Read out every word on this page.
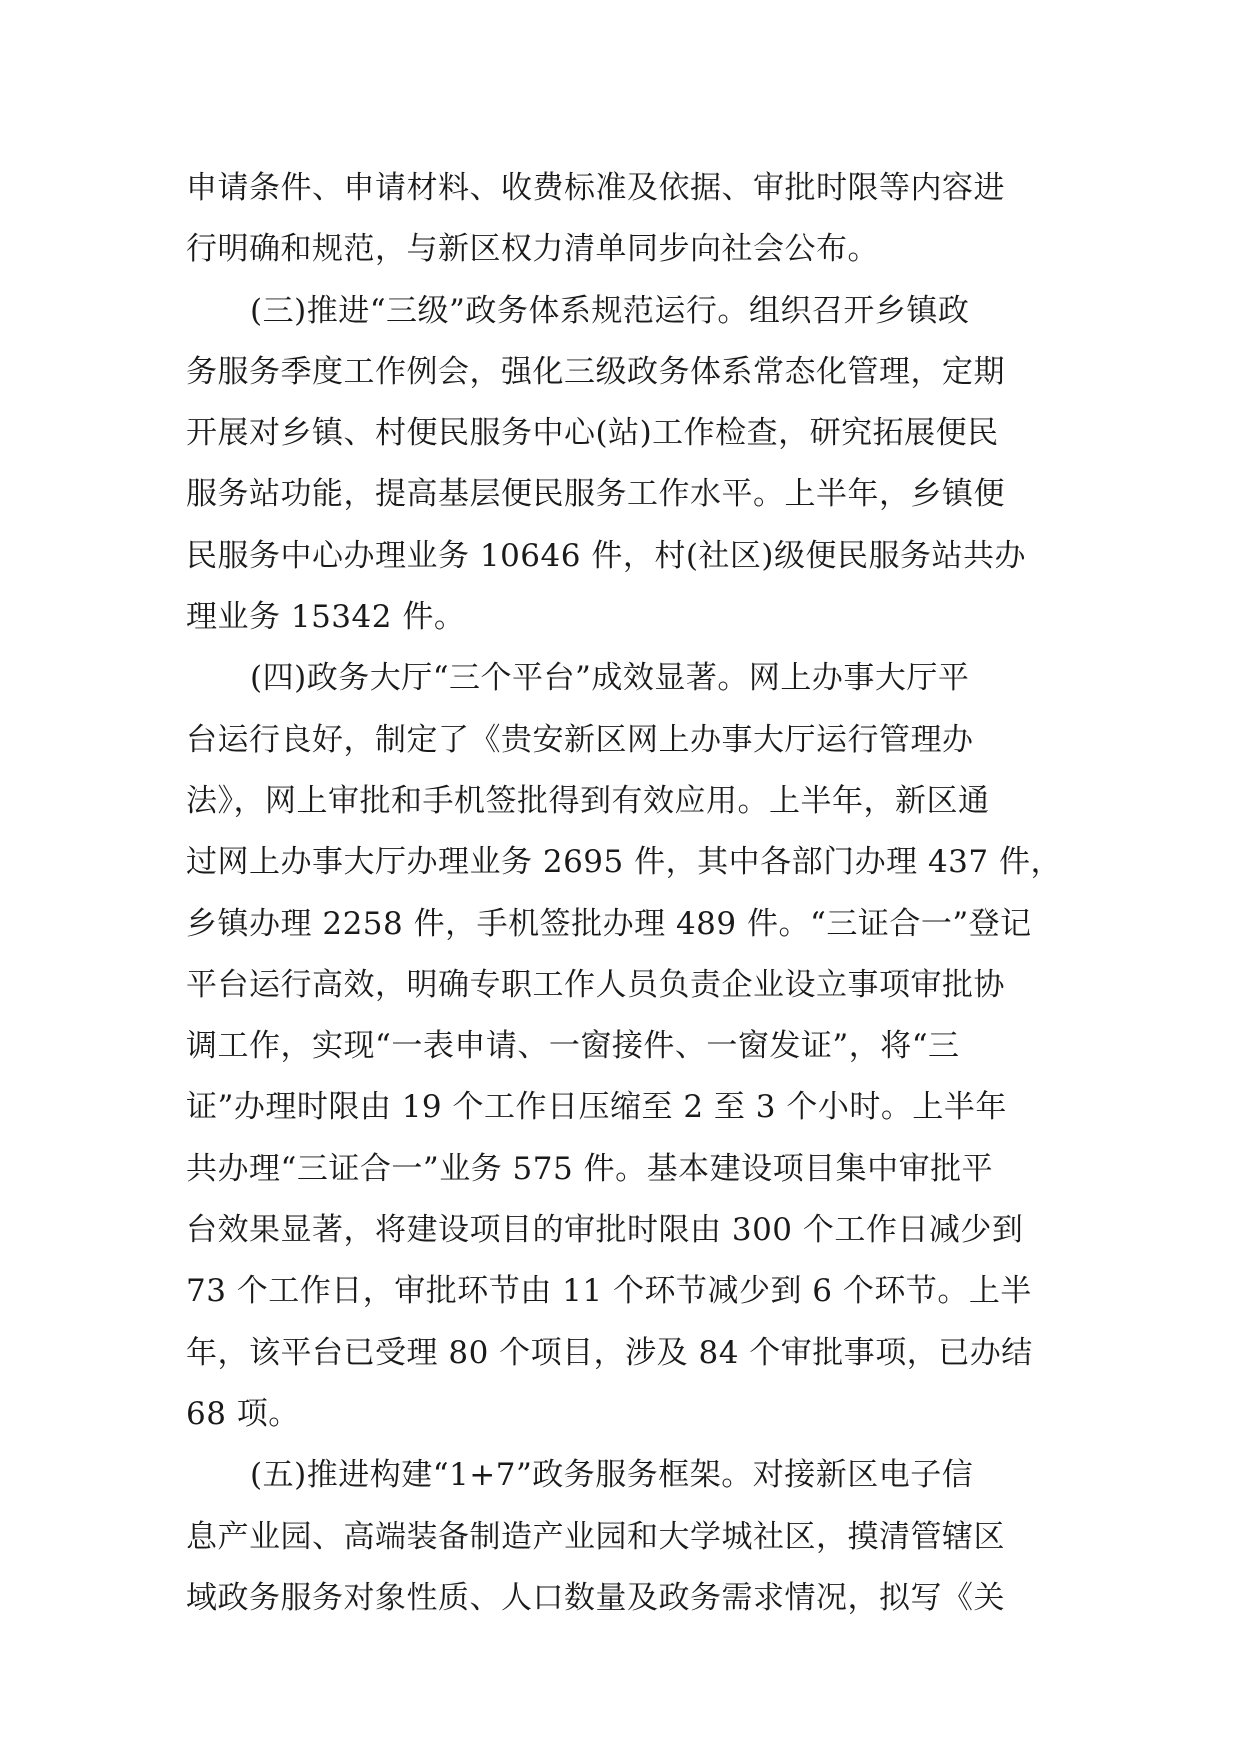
申请条件、申请材料、收费标准及依据、审批时限等内容进
行明确和规范，与新区权力清单同步向社会公布。
(三)推进“三级”政务体系规范运行。组织召开乡镇政
务服务季度工作例会，强化三级政务体系常态化管理，定期
开展对乡镇、村便民服务中心(站)工作检查，研究拓展便民
服务站功能，提高基层便民服务工作水平。上半年，乡镇便
民服务中心办理业务 10646 件，村(社区)级便民服务站共办
理业务 15342 件。
(四)政务大厅“三个平台”成效显著。网上办事大厅平
台运行良好，制定了《贵安新区网上办事大厅运行管理办
法》，网上审批和手机签批得到有效应用。上半年，新区通
过网上办事大厅办理业务 2695 件，其中各部门办理 437 件，
乡镇办理 2258 件，手机签批办理 489 件。“三证合一”登记
平台运行高效，明确专职工作人员负责企业设立事项审批协
调工作，实现“一表申请、一窗接件、一窗发证”，将“三
证”办理时限由 19 个工作日压缩至 2 至 3 个小时。上半年
共办理“三证合一”业务 575 件。基本建设项目集中审批平
台效果显著，将建设项目的审批时限由 300 个工作日减少到
73 个工作日，审批环节由 11 个环节减少到 6 个环节。上半
年，该平台已受理 80 个项目，涉及 84 个审批事项，已办结
68 项。
(五)推进构建“1+7”政务服务框架。对接新区电子信
息产业园、高端装备制造产业园和大学城社区，摸清管辖区
域政务服务对象性质、人口数量及政务需求情况，拟写《关
